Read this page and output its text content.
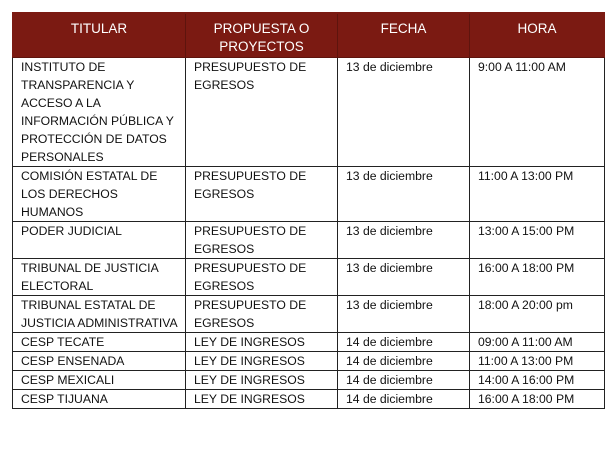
TITULAR	PROPUESTA O PROYECTOS	FECHA	HORA
INSTITUTO DE TRANSPARENCIA Y ACCESO A LA INFORMACIÓN PÚBLICA Y PROTECCIÓN DE DATOS PERSONALES	PRESUPUESTO DE EGRESOS	13 de diciembre	9:00 A 11:00 AM
COMISIÓN ESTATAL DE LOS DERECHOS HUMANOS	PRESUPUESTO DE EGRESOS	13 de diciembre	11:00 A 13:00 PM
PODER JUDICIAL	PRESUPUESTO DE EGRESOS	13 de diciembre	13:00 A 15:00 PM
TRIBUNAL DE JUSTICIA ELECTORAL	PRESUPUESTO DE EGRESOS	13 de diciembre	16:00 A 18:00 PM
TRIBUNAL ESTATAL DE JUSTICIA ADMINISTRATIVA	PRESUPUESTO DE EGRESOS	13 de diciembre	18:00 A 20:00 pm
CESP TECATE	LEY DE INGRESOS	14 de diciembre	09:00 A 11:00 AM
CESP ENSENADA	LEY DE INGRESOS	14 de diciembre	11:00 A 13:00 PM
CESP MEXICALI	LEY DE INGRESOS	14 de diciembre	14:00 A 16:00 PM
CESP TIJUANA	LEY DE INGRESOS	14 de diciembre	16:00 A 18:00 PM
